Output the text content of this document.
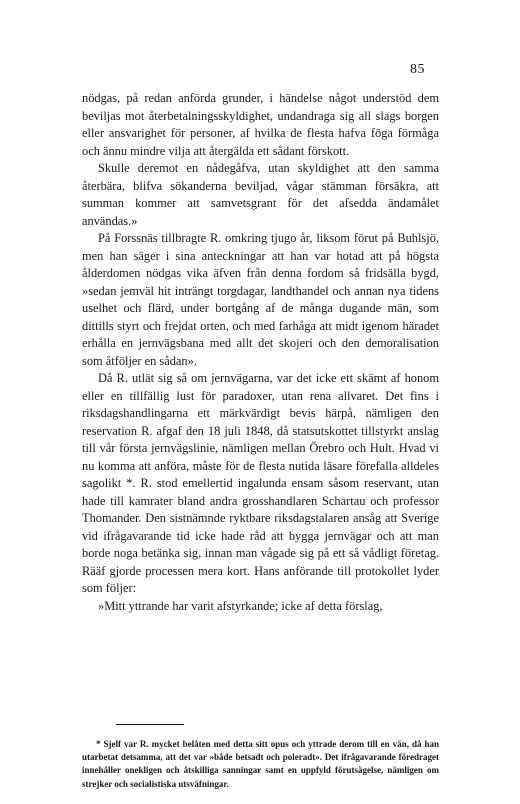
85

nödgas, på redan anförda grunder, i händelse något understöd dem beviljas mot återbetalningsskyldighet, undandraga sig all slags borgen eller ansvarighet för personer, af hvilka de flesta hafva föga förmåga och ännu mindre vilja att återgälda ett sådant förskott.

Skulle deremot en nådegåfva, utan skyldighet att den samma återbära, blifva sökanderna beviljad, vågar stämman försäkra, att summan kommer att samvetsgrant för det afsedda ändamålet användas.»

På Forssnäs tillbragte R. omkring tjugo år, liksom förut på Buhlsjö, men han säger i sina anteckningar att han var hotad att på högsta ålderdomen nödgas vika äfven från denna fordom så fridsälla bygd, »sedan jemväl hit inträngt torgdagar, landthandel och annan nya tidens uselhet och flärd, under bortgång af de många dugande män, som dittills styrt och frejdat orten, och med farhåga att midt igenom häradet erhålla en jernvägsbana med allt det skojeri och den demoralisation som åtföljer en sådan».

Då R. utlät sig så om jernvägarna, var det icke ett skämt af honom eller en tillfällig lust för paradoxer, utan rena allvaret. Det fins i riksdagshandlingarna ett märkvärdigt bevis härpå, nämligen den reservation R. afgaf den 18 juli 1848, då statsutskottet tillstyrkt anslag till vår första jernvägslinie, nämligen mellan Örebro och Hult. Hvad vi nu komma att anföra, måste för de flesta nutida läsare förefalla alldeles sagolikt *. R. stod emellertid ingalunda ensam såsom reservant, utan hade till kamrater bland andra grosshandlaren Schartau och professor Thomander. Den sistnämnde ryktbare riksdagstalaren ansåg att Sverige vid ifrågavarande tid icke hade råd att bygga jernvägar och att man borde noga betänka sig, innan man vågade sig på ett så vådligt företag. Rääf gjorde processen mera kort. Hans anförande till protokollet lyder som följer:

»Mitt yttrande har varit afstyrkande; icke af detta förslag,

* Sjelf var R. mycket belåten med detta sitt opus och yttrade derom till en vän, då han utarbetat detsamma, att det var »både betsadt och poleradt». Det ifrågavarande föredraget innehåller onekligen och åtskilliga sanningar samt en uppfyld förutsägelse, nämligen om strejker och socialistiska utsväfningar.
